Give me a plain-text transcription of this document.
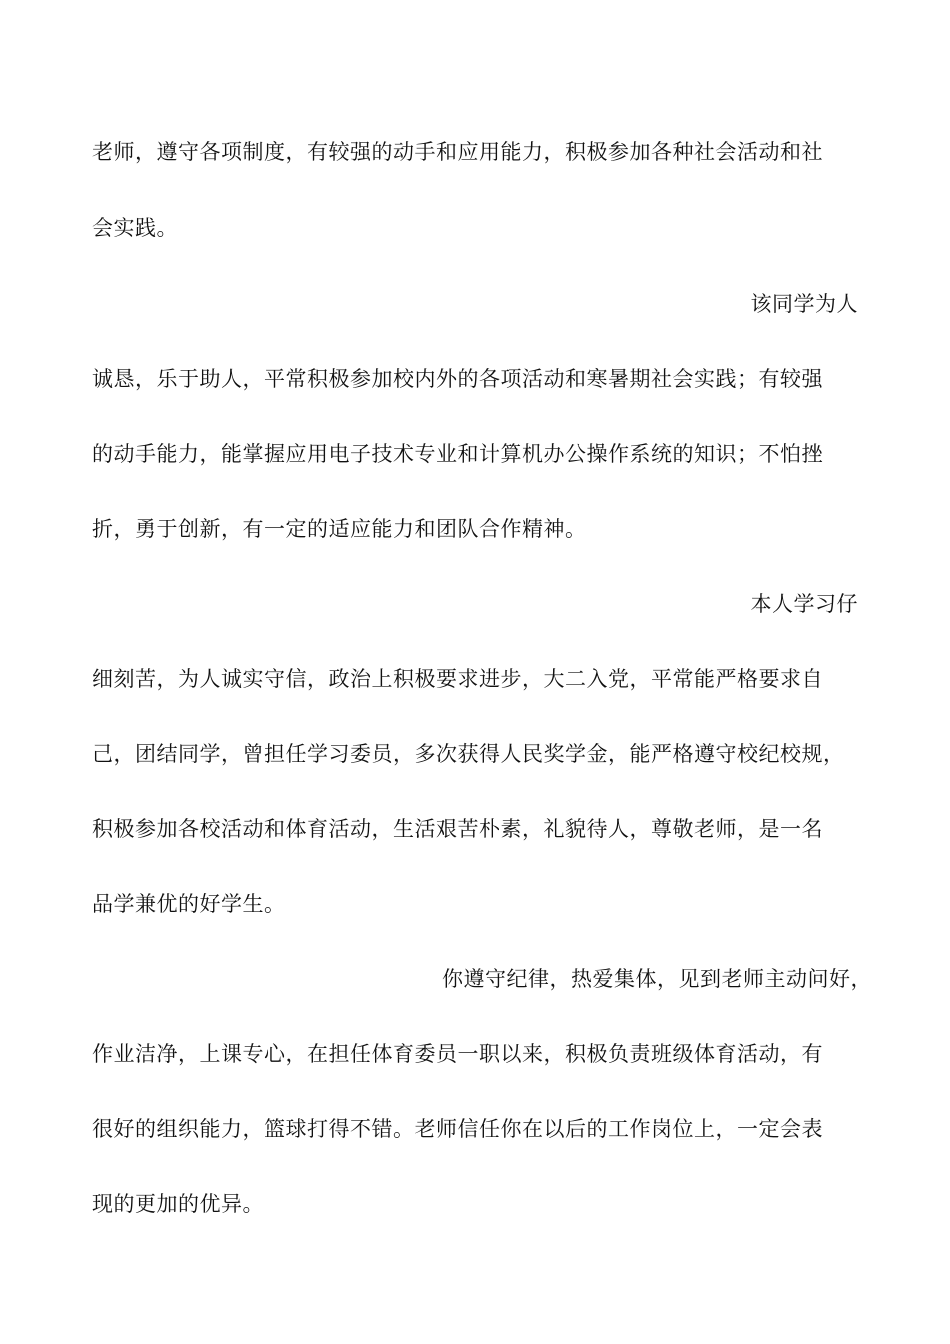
老师，遵守各项制度，有较强的动手和应用能力，积极参加各种社会活动和社
会实践。
该同学为人
诚恳，乐于助人，平常积极参加校内外的各项活动和寒暑期社会实践；有较强
的动手能力，能掌握应用电子技术专业和计算机办公操作系统的知识；不怕挫
折，勇于创新，有一定的适应能力和团队合作精神。
本人学习仔
细刻苦，为人诚实守信，政治上积极要求进步，大二入党，平常能严格要求自
己，团结同学，曾担任学习委员，多次获得人民奖学金，能严格遵守校纪校规，
积极参加各校活动和体育活动，生活艰苦朴素，礼貌待人，尊敬老师，是一名
品学兼优的好学生。
你遵守纪律，热爱集体，见到老师主动问好，
作业洁净，上课专心，在担任体育委员一职以来，积极负责班级体育活动，有
很好的组织能力，篮球打得不错。老师信任你在以后的工作岗位上，一定会表
现的更加的优异。
